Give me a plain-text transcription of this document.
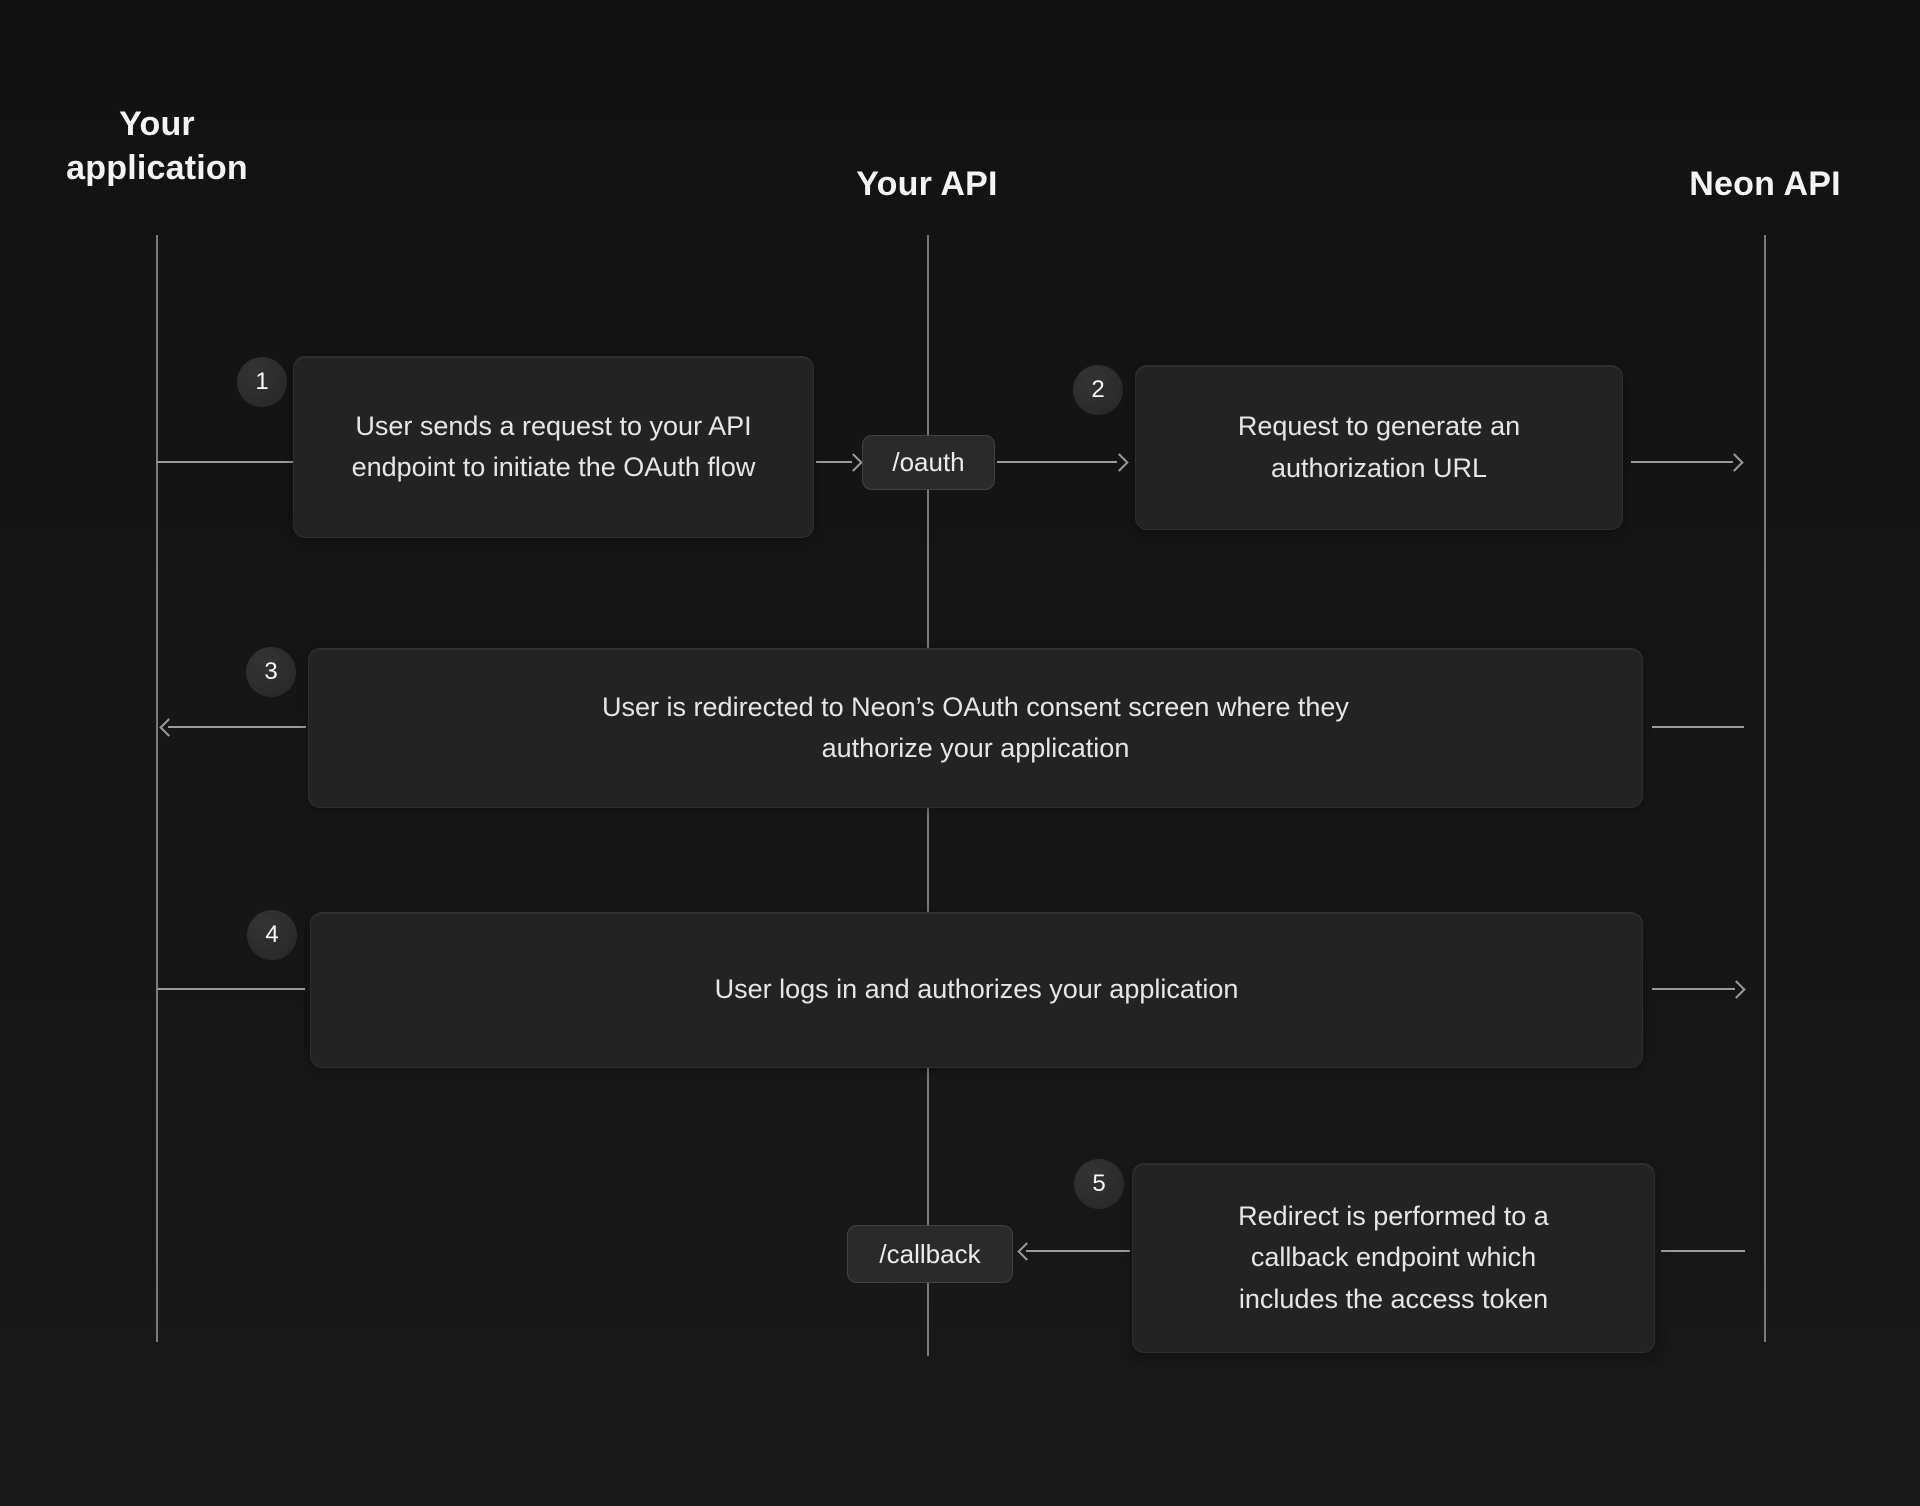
Your application	Your API	Neon API
1
User sends a request to your API endpoint to initiate the OAuth flow	/oauth
2
Request to generate an authorization URL
3
User is redirected to Neon’s OAuth consent screen where they authorize your application
4
User logs in and authorizes your application
5
Redirect is performed to a callback endpoint which includes the access token
/callback
